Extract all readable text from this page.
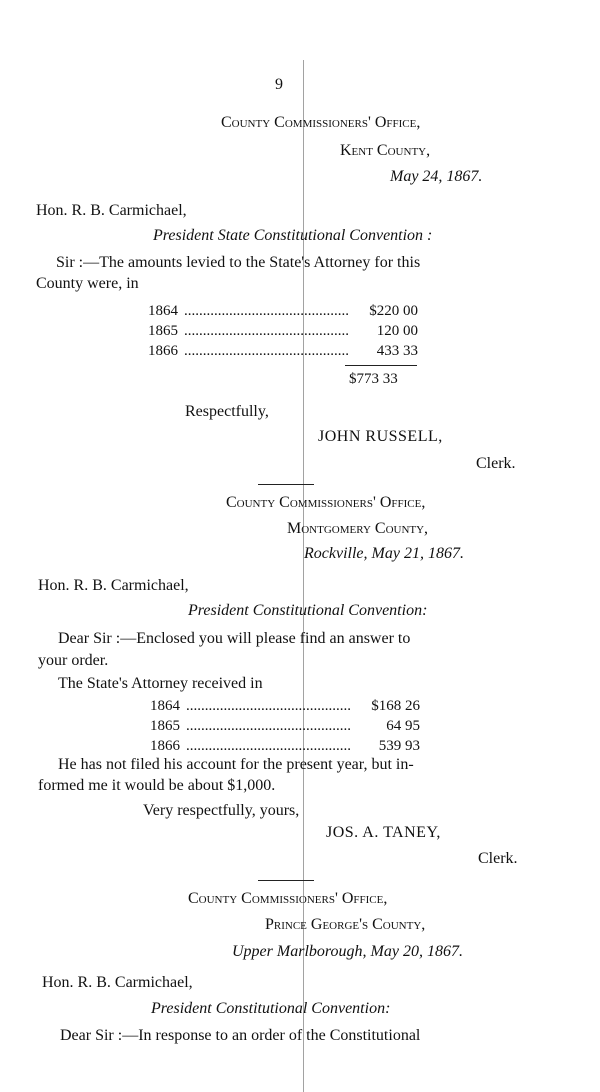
9
County Commissioners' Office,
Kent County,
May 24, 1867.
Hon. R. B. Carmichael,
President State Constitutional Convention :
Sir :—The amounts levied to the State's Attorney for this
County were, in
1864 ............................................	$220 00
1865 ............................................	120 00
1866 ............................................	433 33
$773 33
Respectfully,
JOHN RUSSELL,
Clerk.
County Commissioners' Office,
Montgomery County,
Rockville, May 21, 1867.
Hon. R. B. Carmichael,
President Constitutional Convention:
Dear Sir :—Enclosed you will please find an answer to
your order.
The State's Attorney received in
1864 ............................................	$168 26
1865 ............................................	64 95
1866 ............................................	539 93
He has not filed his account for the present year, but in-
formed me it would be about $1,000.
Very respectfully, yours,
JOS. A. TANEY,
Clerk.
County Commissioners' Office,
Prince George's County,
Upper Marlborough, May 20, 1867.
Hon. R. B. Carmichael,
President Constitutional Convention:
Dear Sir :—In response to an order of the Constitutional
